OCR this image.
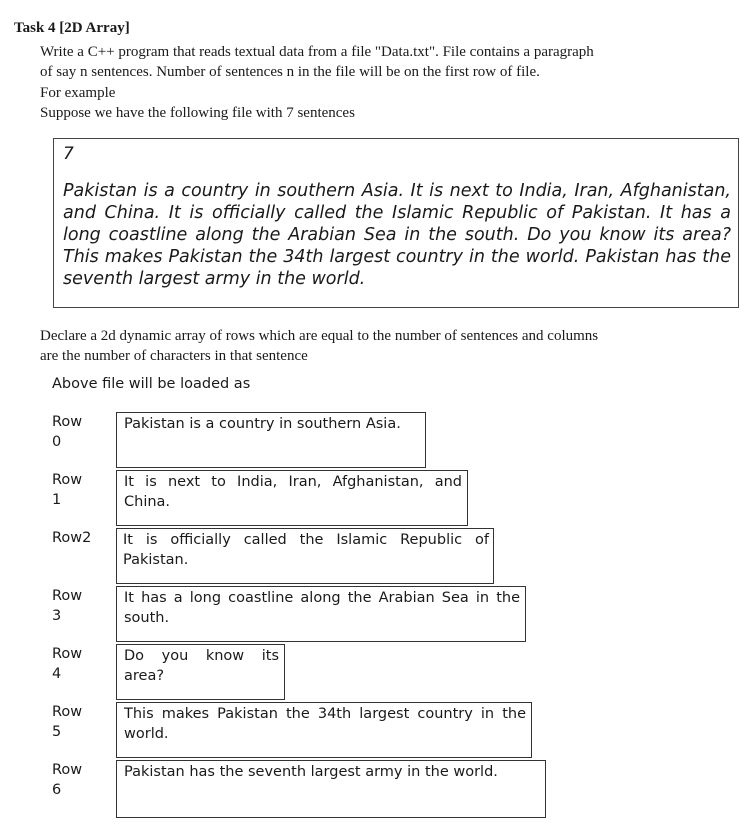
Task 4 [2D Array]
Write a C++ program that reads textual data from a file "Data.txt". File contains a paragraph
of say n sentences. Number of sentences n in the file will be on the first row of file.
For example
Suppose we have the following file with 7 sentences
7
Pakistan is a country in southern Asia. It is next to India, Iran, Afghanistan, and China. It is officially called the Islamic Republic of Pakistan. It has a long coastline along the Arabian Sea in the south. Do you know its area? This makes Pakistan the 34th largest country in the world. Pakistan has the seventh largest army in the world.
Declare a 2d dynamic array of rows which are equal to the number of sentences and columns
are the number of characters in that sentence
Above file will be loaded as
Row
0
Pakistan is a country in southern Asia.
Row
1
It is next to India, Iran, Afghanistan, and China.
Row2 It is officially called the Islamic Republic of Pakistan.
Row
3
It has a long coastline along the Arabian Sea in the south.
Row
4
Do you know its area?
Row
5
This makes Pakistan the 34th largest country in the world.
Row
6
Pakistan has the seventh largest army in the world.
